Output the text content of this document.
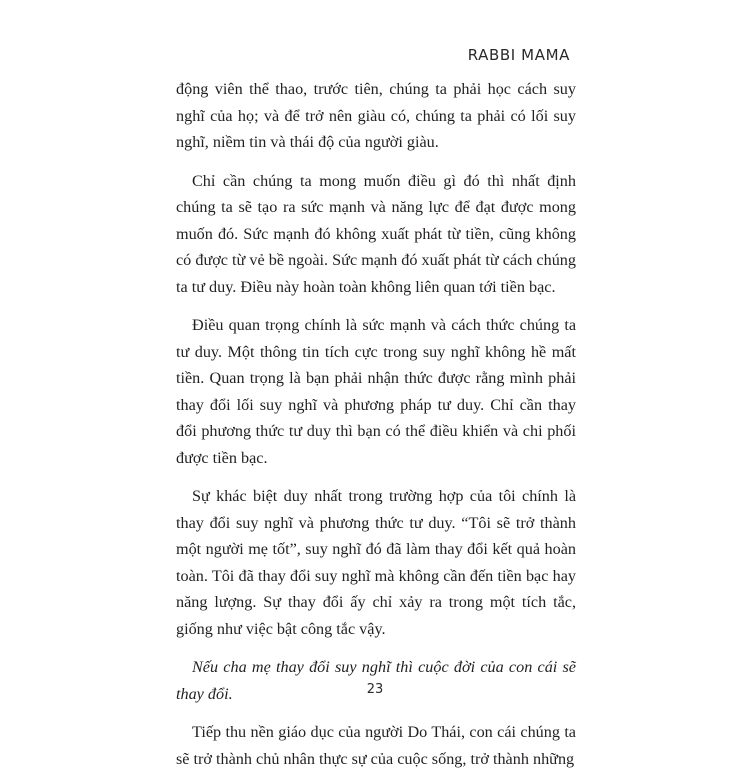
RABBI MAMA

động viên thể thao, trước tiên, chúng ta phải học cách suy nghĩ của họ; và để trở nên giàu có, chúng ta phải có lối suy nghĩ, niềm tin và thái độ của người giàu.

Chỉ cần chúng ta mong muốn điều gì đó thì nhất định chúng ta sẽ tạo ra sức mạnh và năng lực để đạt được mong muốn đó. Sức mạnh đó không xuất phát từ tiền, cũng không có được từ vẻ bề ngoài. Sức mạnh đó xuất phát từ cách chúng ta tư duy. Điều này hoàn toàn không liên quan tới tiền bạc.

Điều quan trọng chính là sức mạnh và cách thức chúng ta tư duy. Một thông tin tích cực trong suy nghĩ không hề mất tiền. Quan trọng là bạn phải nhận thức được rằng mình phải thay đổi lối suy nghĩ và phương pháp tư duy. Chỉ cần thay đổi phương thức tư duy thì bạn có thể điều khiển và chi phối được tiền bạc.

Sự khác biệt duy nhất trong trường hợp của tôi chính là thay đổi suy nghĩ và phương thức tư duy. “Tôi sẽ trở thành một người mẹ tốt”, suy nghĩ đó đã làm thay đổi kết quả hoàn toàn. Tôi đã thay đổi suy nghĩ mà không cần đến tiền bạc hay năng lượng. Sự thay đổi ấy chỉ xảy ra trong một tích tắc, giống như việc bật công tắc vậy.

Nếu cha mẹ thay đổi suy nghĩ thì cuộc đời của con cái sẽ thay đổi.

Tiếp thu nền giáo dục của người Do Thái, con cái chúng ta sẽ trở thành chủ nhân thực sự của cuộc sống, trở thành những

23
